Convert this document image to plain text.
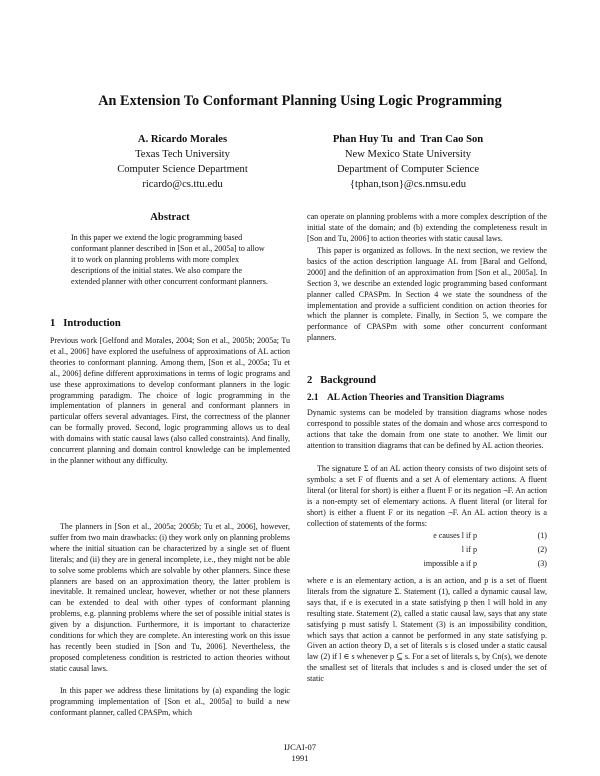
An Extension To Conformant Planning Using Logic Programming
A. Ricardo Morales
Texas Tech University
Computer Science Department
ricardo@cs.ttu.edu
Phan Huy Tu  and  Tran Cao Son
New Mexico State University
Department of Computer Science
{tphan,tson}@cs.nmsu.edu
Abstract

In this paper we extend the logic programming based conformant planner described in [Son et al., 2005a] to allow it to work on planning problems with more complex descriptions of the initial states. We also compare the extended planner with other concurrent conformant planners.

1   Introduction

Previous work [Gelfond and Morales, 2004; Son et al., 2005b; 2005a; Tu et al., 2006] have explored the usefulness of approximations of AL action theories to conformant planning. Among them, [Son et al., 2005a; Tu et al., 2006] define different approximations in terms of logic programs and use these approximations to develop conformant planners in the logic programming paradigm. The choice of logic programming in the implementation of planners in general and conformant planners in particular offers several advantages. First, the correctness of the planner can be formally proved. Second, logic programming allows us to deal with domains with static causal laws (also called constraints). And finally, concurrent planning and domain control knowledge can be implemented in the planner without any difficulty.

The planners in [Son et al., 2005a; 2005b; Tu et al., 2006], however, suffer from two main drawbacks: (i) they work only on planning problems where the initial situation can be characterized by a single set of fluent literals; and (ii) they are in general incomplete, i.e., they might not be able to solve some problems which are solvable by other planners. Since these planners are based on an approximation theory, the latter problem is inevitable. It remained unclear, however, whether or not these planners can be extended to deal with other types of conformant planning problems, e.g. planning problems where the set of possible initial states is given by a disjunction. Furthermore, it is important to characterize conditions for which they are complete. An interesting work on this issue has recently been studied in [Son and Tu, 2006]. Nevertheless, the proposed completeness condition is restricted to action theories without static causal laws.

In this paper we address these limitations by (a) expanding the logic programming implementation of [Son et al., 2005a] to build a new conformant planner, called CPASPm, which

can operate on planning problems with a more complex description of the initial state of the domain; and (b) extending the completeness result in [Son and Tu, 2006] to action theories with static causal laws.

This paper is organized as follows. In the next section, we review the basics of the action description language AL from [Baral and Gelfond, 2000] and the definition of an approximation from [Son et al., 2005a]. In Section 3, we describe an extended logic programming based conformant planner called CPASPm. In Section 4 we state the soundness of the implementation and provide a sufficient condition on action theories for which the planner is complete. Finally, in Section 5, we compare the performance of CPASPm with some other concurrent conformant planners.

2   Background
2.1    AL Action Theories and Transition Diagrams

Dynamic systems can be modeled by transition diagrams whose nodes correspond to possible states of the domain and whose arcs correspond to actions that take the domain from one state to another. We limit our attention to transition diagrams that can be defined by AL action theories.

The signature Σ of an AL action theory consists of two disjoint sets of symbols: a set F of fluents and a set A of elementary actions. A fluent literal (or literal for short) is either a fluent F or its negation ¬F. An action is a non-empty set of elementary actions. A fluent literal (or literal for short) is either a fluent F or its negation ¬F. An AL action theory is a collection of statements of the forms:

e causes l if p	(1)
l if p	(2)
impossible a if p	(3)

where e is an elementary action, a is an action, and p is a set of fluent literals from the signature Σ. Statement (1), called a dynamic causal law, says that, if e is executed in a state satisfying p then l will hold in any resulting state. Statement (2), called a static causal law, says that any state satisfying p must satisfy l. Statement (3) is an impossibility condition, which says that action a cannot be performed in any state satisfying p. Given an action theory D, a set of literals s is closed under a static causal law (2) if l ∈ s whenever p ⊆ s. For a set of literals s, by Cn(s), we denote the smallest set of literals that includes s and is closed under the set of static

IJCAI-07
1991
